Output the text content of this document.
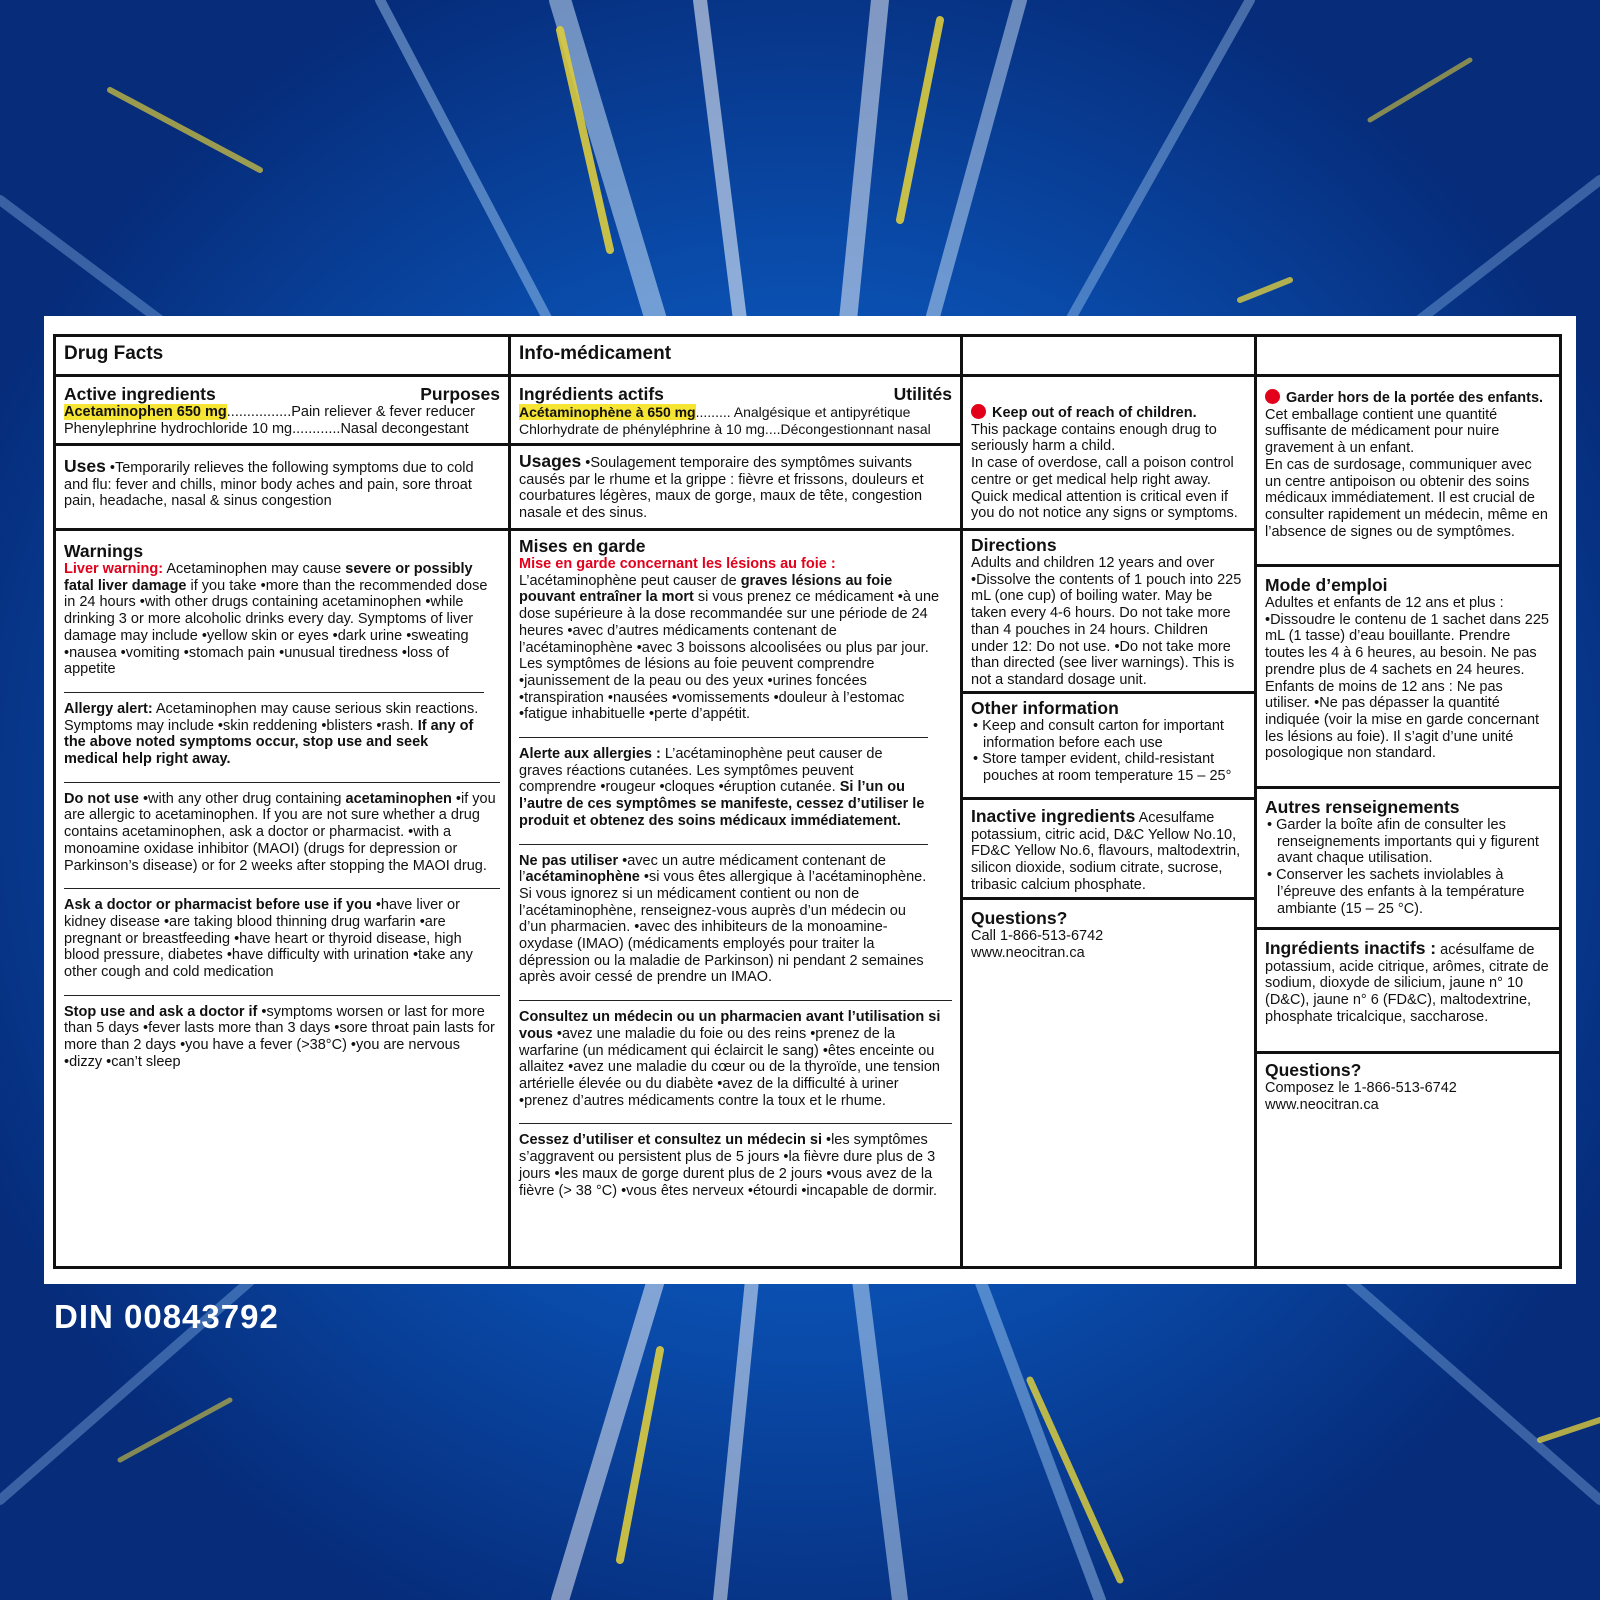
Drug Facts
Active ingredients	Purposes
Acetaminophen 650 mg................Pain reliever & fever reducer
Phenylephrine hydrochloride 10 mg............Nasal decongestant
Uses •Temporarily relieves the following symptoms due to cold and flu: fever and chills, minor body aches and pain, sore throat pain, headache, nasal & sinus congestion
Warnings
Liver warning: Acetaminophen may cause severe or possibly fatal liver damage if you take •more than the recommended dose in 24 hours •with other drugs containing acetaminophen •while drinking 3 or more alcoholic drinks every day. Symptoms of liver damage may include •yellow skin or eyes •dark urine •sweating •nausea •vomiting •stomach pain •unusual tiredness •loss of appetite
Allergy alert: Acetaminophen may cause serious skin reactions. Symptoms may include •skin reddening •blisters •rash. If any of the above noted symptoms occur, stop use and seek medical help right away.
Do not use •with any other drug containing acetaminophen •if you are allergic to acetaminophen. If you are not sure whether a drug contains acetaminophen, ask a doctor or pharmacist. •with a monoamine oxidase inhibitor (MAOI) (drugs for depression or Parkinson’s disease) or for 2 weeks after stopping the MAOI drug.
Ask a doctor or pharmacist before use if you •have liver or kidney disease •are taking blood thinning drug warfarin •are pregnant or breastfeeding •have heart or thyroid disease, high blood pressure, diabetes •have difficulty with urination •take any other cough and cold medication
Stop use and ask a doctor if •symptoms worsen or last for more than 5 days •fever lasts more than 3 days •sore throat pain lasts for more than 2 days •you have a fever (>38°C) •you are nervous •dizzy •can’t sleep
Info-médicament
Ingrédients actifs	Utilités
Acétaminophène à 650 mg......... Analgésique et antipyrétique
Chlorhydrate de phényléphrine à 10 mg....Décongestionnant nasal
Usages •Soulagement temporaire des symptômes suivants causés par le rhume et la grippe : fièvre et frissons, douleurs et courbatures légères, maux de gorge, maux de tête, congestion nasale et des sinus.
Mises en garde
Mise en garde concernant les lésions au foie :
L’acétaminophène peut causer de graves lésions au foie pouvant entraîner la mort si vous prenez ce médicament •à une dose supérieure à la dose recommandée sur une période de 24 heures •avec d’autres médicaments contenant de l’acétaminophène •avec 3 boissons alcoolisées ou plus par jour. Les symptômes de lésions au foie peuvent comprendre •jaunissement de la peau ou des yeux •urines foncées •transpiration •nausées •vomissements •douleur à l’estomac •fatigue inhabituelle •perte d’appétit.
Alerte aux allergies : L’acétaminophène peut causer de graves réactions cutanées. Les symptômes peuvent comprendre •rougeur •cloques •éruption cutanée. Si l’un ou l’autre de ces symptômes se manifeste, cessez d’utiliser le produit et obtenez des soins médicaux immédiatement.
Ne pas utiliser •avec un autre médicament contenant de l’acétaminophène •si vous êtes allergique à l’acétaminophène. Si vous ignorez si un médicament contient ou non de l’acétaminophène, renseignez-vous auprès d’un médecin ou d’un pharmacien. •avec des inhibiteurs de la monoamine-oxydase (IMAO) (médicaments employés pour traiter la dépression ou la maladie de Parkinson) ni pendant 2 semaines après avoir cessé de prendre un IMAO.
Consultez un médecin ou un pharmacien avant l’utilisation si vous •avez une maladie du foie ou des reins •prenez de la warfarine (un médicament qui éclaircit le sang) •êtes enceinte ou allaitez •avez une maladie du cœur ou de la thyroïde, une tension artérielle élevée ou du diabète •avez de la difficulté à uriner •prenez d’autres médicaments contre la toux et le rhume.
Cessez d’utiliser et consultez un médecin si •les symptômes s’aggravent ou persistent plus de 5 jours •la fièvre dure plus de 3 jours •les maux de gorge durent plus de 2 jours •vous avez de la fièvre (> 38 °C) •vous êtes nerveux •étourdi •incapable de dormir.
Keep out of reach of children.
This package contains enough drug to seriously harm a child.
In case of overdose, call a poison control centre or get medical help right away. Quick medical attention is critical even if you do not notice any signs or symptoms.
Directions
Adults and children 12 years and over •Dissolve the contents of 1 pouch into 225 mL (one cup) of boiling water. May be taken every 4-6 hours. Do not take more than 4 pouches in 24 hours. Children under 12: Do not use. •Do not take more than directed (see liver warnings). This is not a standard dosage unit.
Other information
• Keep and consult carton for important information before each use
• Store tamper evident, child-resistant pouches at room temperature 15 – 25°
Inactive ingredients Acesulfame potassium, citric acid, D&C Yellow No.10, FD&C Yellow No.6, flavours, maltodextrin, silicon dioxide, sodium citrate, sucrose, tribasic calcium phosphate.
Questions?
Call 1-866-513-6742
www.neocitran.ca
Garder hors de la portée des enfants. Cet emballage contient une quantité suffisante de médicament pour nuire gravement à un enfant.
En cas de surdosage, communiquer avec un centre antipoison ou obtenir des soins médicaux immédiatement. Il est crucial de consulter rapidement un médecin, même en l’absence de signes ou de symptômes.
Mode d’emploi
Adultes et enfants de 12 ans et plus : •Dissoudre le contenu de 1 sachet dans 225 mL (1 tasse) d’eau bouillante. Prendre toutes les 4 à 6 heures, au besoin. Ne pas prendre plus de 4 sachets en 24 heures. Enfants de moins de 12 ans : Ne pas utiliser. •Ne pas dépasser la quantité indiquée (voir la mise en garde concernant les lésions au foie). Il s’agit d’une unité posologique non standard.
Autres renseignements
• Garder la boîte afin de consulter les renseignements importants qui y figurent avant chaque utilisation.
• Conserver les sachets inviolables à l’épreuve des enfants à la température ambiante (15 – 25 °C).
Ingrédients inactifs : acésulfame de potassium, acide citrique, arômes, citrate de sodium, dioxyde de silicium, jaune n° 10 (D&C), jaune n° 6 (FD&C), maltodextrine, phosphate tricalcique, saccharose.
Questions?
Composez le 1-866-513-6742
www.neocitran.ca
DIN 00843792
